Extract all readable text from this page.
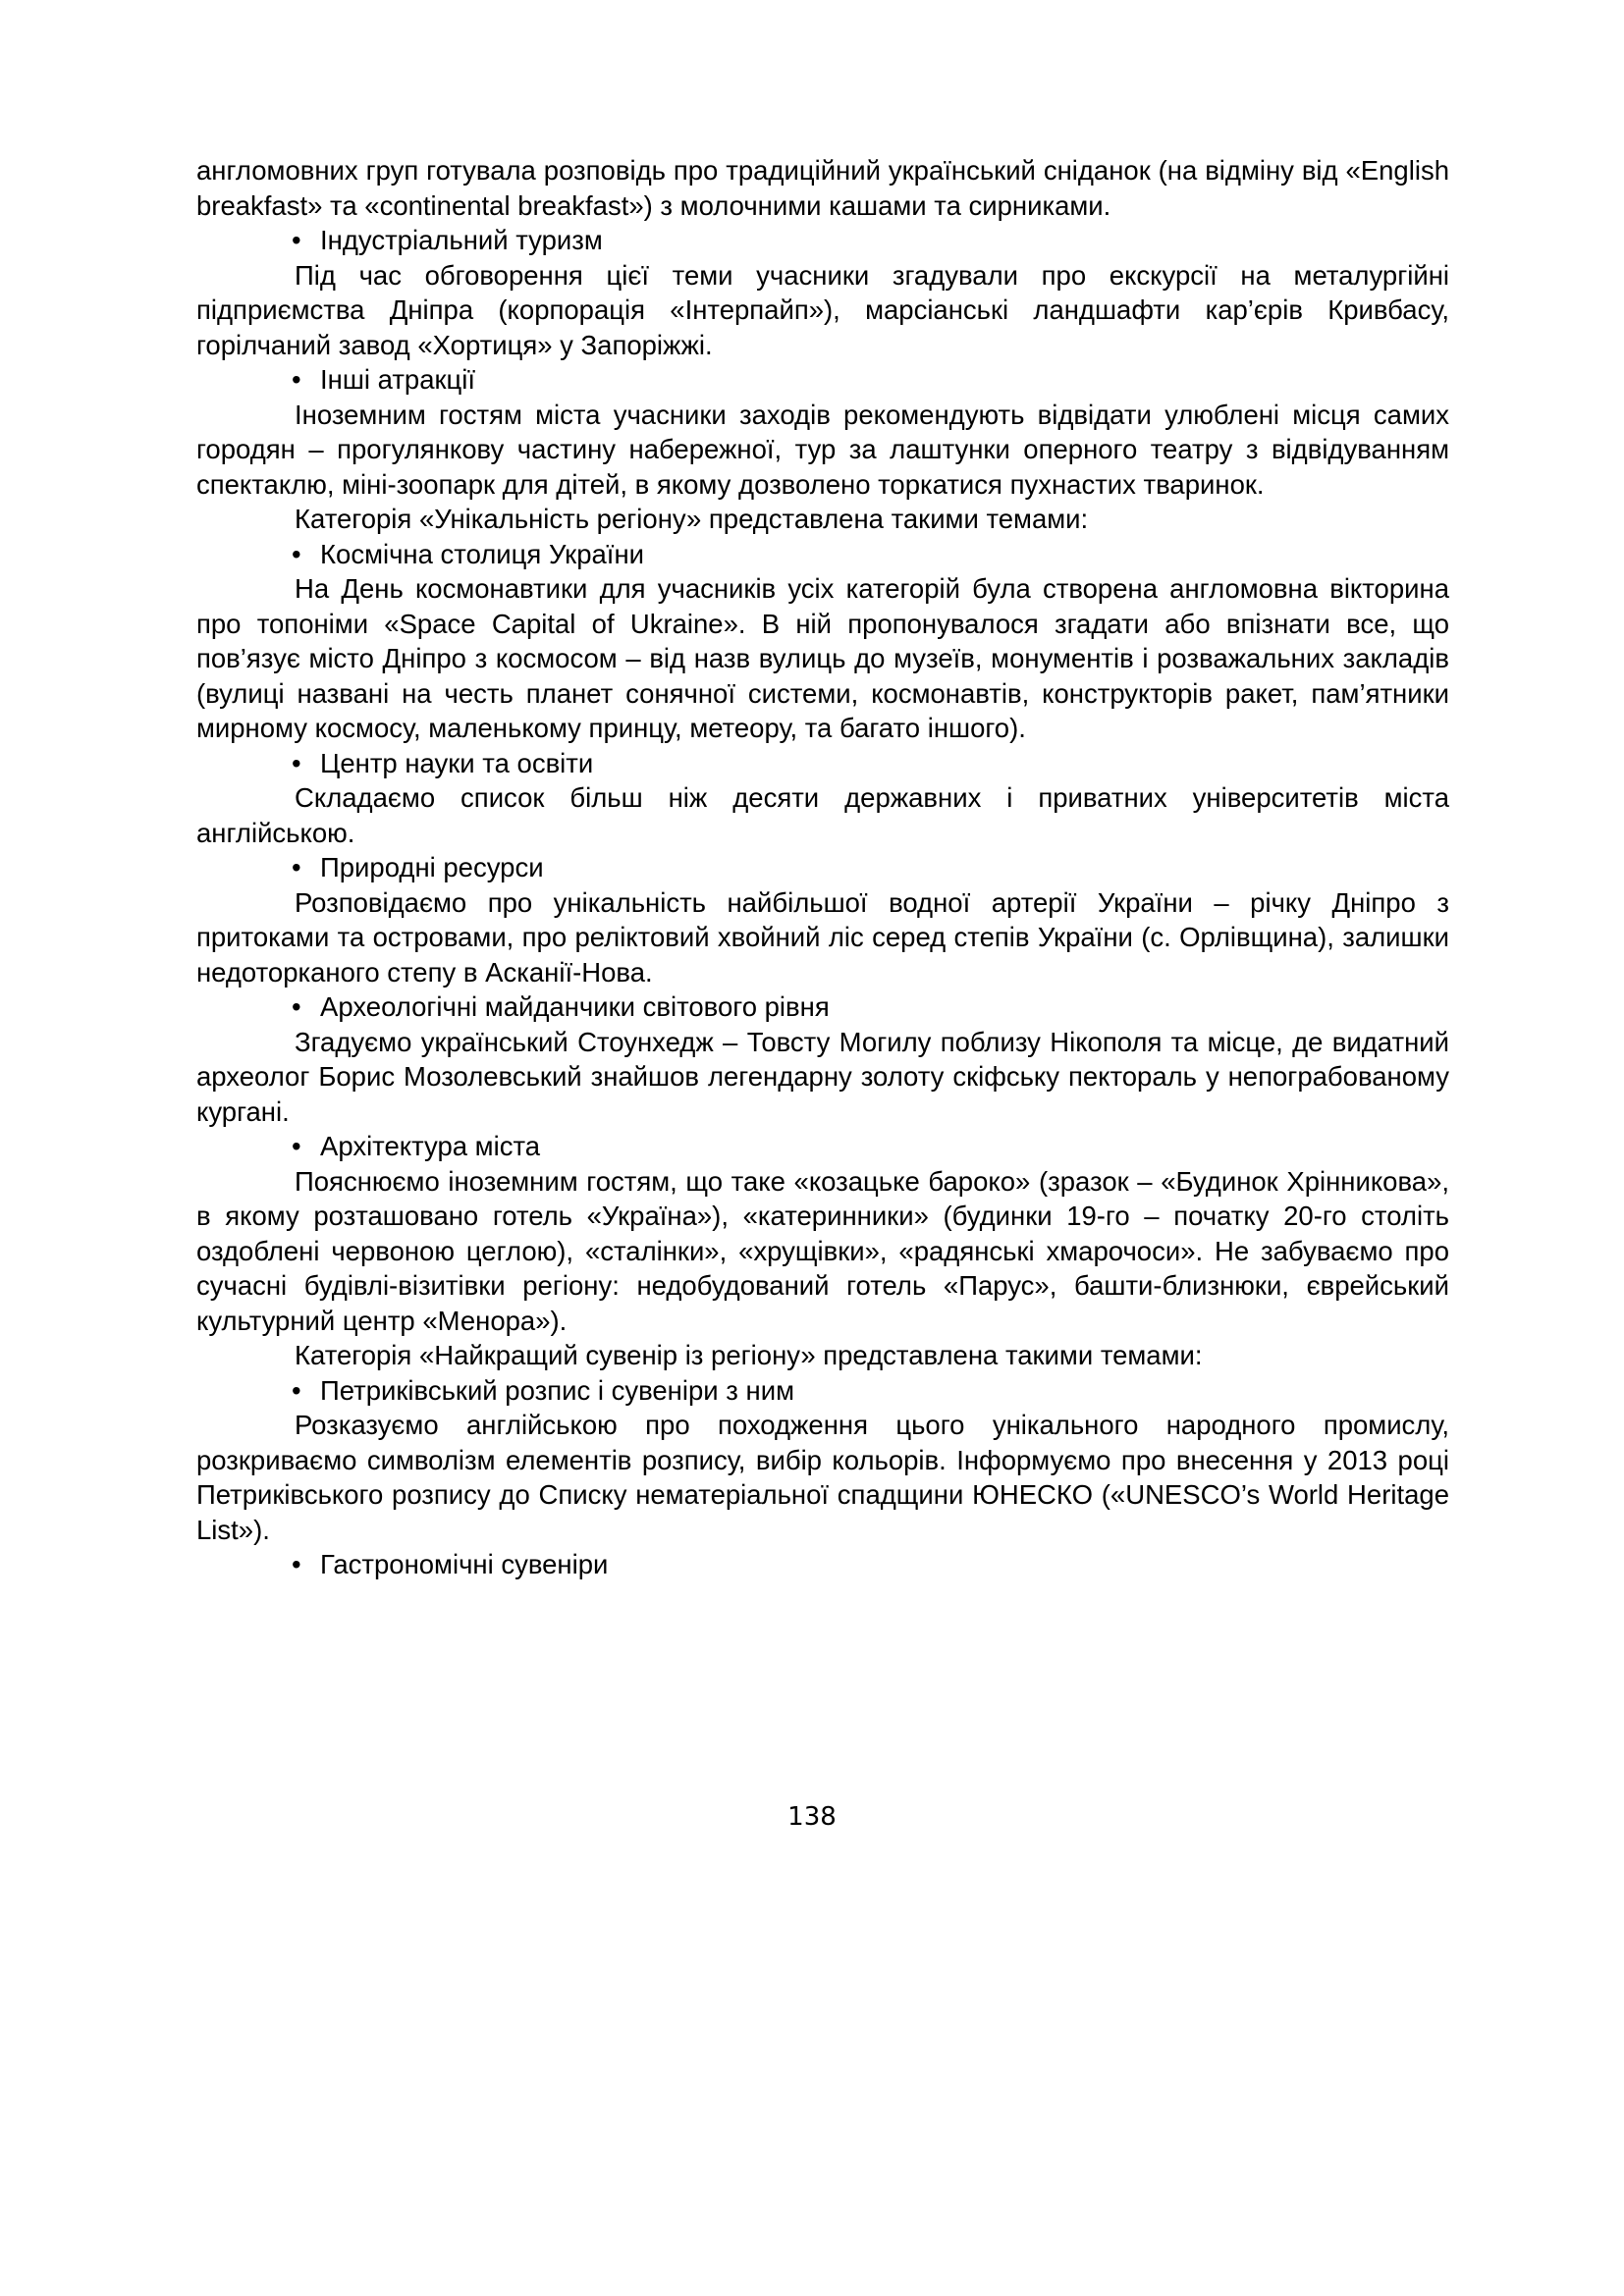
англомовних груп готувала розповідь про традиційний український сніданок (на відміну від «English breakfast» та «continental breakfast») з молочними кашами та сирниками.

• Індустріальний туризм

Під час обговорення цієї теми учасники згадували про екскурсії на металургійні підприємства Дніпра (корпорація «Інтерпайп»), марсіанські ландшафти кар’єрів Кривбасу, горілчаний завод «Хортиця» у Запоріжжі.

• Інші атракції

Іноземним гостям міста учасники заходів рекомендують відвідати улюблені місця самих городян – прогулянкову частину набережної, тур за лаштунки оперного театру з відвідуванням спектаклю, міні-зоопарк для дітей, в якому дозволено торкатися пухнастих тваринок.

Категорія «Унікальність регіону» представлена такими темами:

• Космічна столиця України

На День космонавтики для учасників усіх категорій була створена англомовна вікторина про топоніми «Space Capital of Ukraine». В ній пропонувалося згадати або впізнати все, що пов’язує місто Дніпро з космосом – від назв вулиць до музеїв, монументів і розважальних закладів (вулиці названі на честь планет сонячної системи, космонавтів, конструкторів ракет, пам’ятники мирному космосу, маленькому принцу, метеору, та багато іншого).

• Центр науки та освіти

Складаємо список більш ніж десяти державних і приватних університетів міста англійською.

• Природні ресурси

Розповідаємо про унікальність найбільшої водної артерії України – річку Дніпро з притоками та островами, про реліктовий хвойний ліс серед степів України (с. Орлівщина), залишки недоторканого степу в Асканії-Нова.

• Археологічні майданчики світового рівня

Згадуємо український Стоунхедж – Товсту Могилу поблизу Нікополя та місце, де видатний археолог Борис Мозолевський знайшов легендарну золоту скіфську пектораль у непограбованому кургані.

• Архітектура міста

Пояснюємо іноземним гостям, що таке «козацьке бароко» (зразок – «Будинок Хрінникова», в якому розташовано готель «Україна»), «катеринники» (будинки 19-го – початку 20-го століть оздоблені червоною цеглою), «сталінки», «хрущівки», «радянські хмарочоси». Не забуваємо про сучасні будівлі-візитівки регіону: недобудований готель «Парус», башти-близнюки, єврейський культурний центр «Менора»).

Категорія «Найкращий сувенір із регіону» представлена такими темами:

• Петриківський розпис і сувеніри з ним

Розказуємо англійською про походження цього унікального народного промислу, розкриваємо символізм елементів розпису, вибір кольорів. Інформуємо про внесення у 2013 році Петриківського розпису до Списку нематеріальної спадщини ЮНЕСКО («UNESCO’s World Heritage List»).

• Гастрономічні сувеніри

138
